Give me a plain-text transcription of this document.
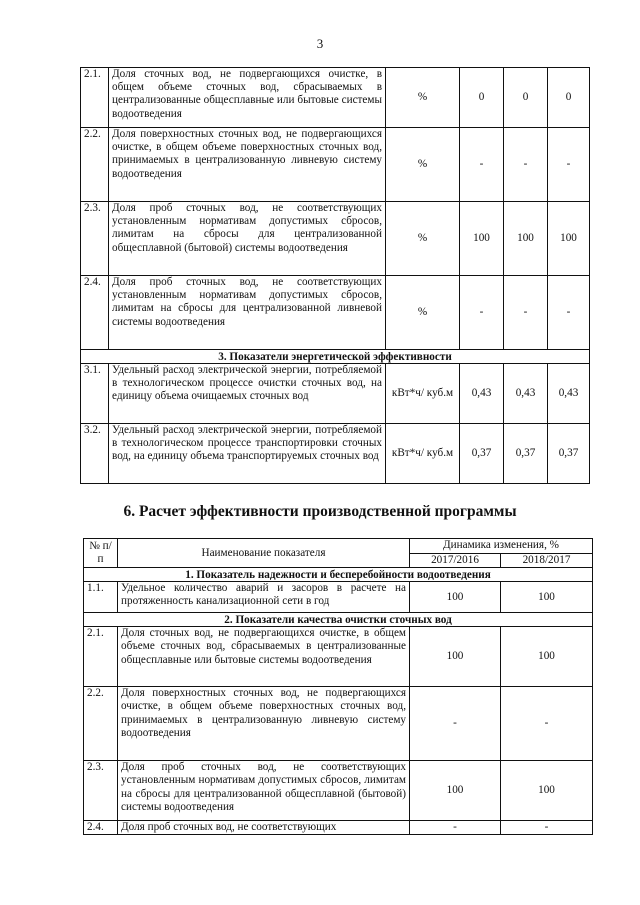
3
2.1.	Доля сточных вод, не подвергающихся очистке, в общем объеме сточных вод, сбрасываемых в централизованные общесплавные или бытовые системы водоотведения	%	0	0	0
2.2.	Доля поверхностных сточных вод, не подвергающихся очистке, в общем объеме поверхностных сточных вод, принимаемых в централизованную ливневую систему водоотведения	%	-	-	-
2.3.	Доля проб сточных вод, не соответствующих установленным нормативам допустимых сбросов, лимитам на сбросы для централизованной общесплавной (бытовой) системы водоотведения	%	100	100	100
2.4.	Доля проб сточных вод, не соответствующих установленным нормативам допустимых сбросов, лимитам на сбросы для централизованной ливневой системы водоотведения	%	-	-	-
3. Показатели энергетической эффективности					
3.1.	Удельный расход электрической энергии, потребляемой в технологическом процессе очистки сточных вод, на единицу объема очищаемых сточных вод	кВт*ч/ куб.м	0,43	0,43	0,43
3.2.	Удельный расход электрической энергии, потребляемой в технологическом процессе транспортировки сточных вод, на единицу объема транспортируемых сточных вод	кВт*ч/ куб.м	0,37	0,37	0,37
6. Расчет эффективности производственной программы
№ п/п	Наименование показателя	Динамика изменения, %	
		2017/2016	2018/2017
1. Показатель надежности и бесперебойности водоотведения			
1.1.	Удельное количество аварий и засоров в расчете на протяженность канализационной сети в год	100	100
2. Показатели качества очистки сточных вод			
2.1.	Доля сточных вод, не подвергающихся очистке, в общем объеме сточных вод, сбрасываемых в централизованные общесплавные или бытовые системы водоотведения	100	100
2.2.	Доля поверхностных сточных вод, не подвергающихся очистке, в общем объеме поверхностных сточных вод, принимаемых в централизованную ливневую систему водоотведения	-	-
2.3.	Доля проб сточных вод, не соответствующих установленным нормативам допустимых сбросов, лимитам на сбросы для централизованной общесплавной (бытовой) системы водоотведения	100	100
2.4.	Доля проб сточных вод, не соответствующих	-	-
